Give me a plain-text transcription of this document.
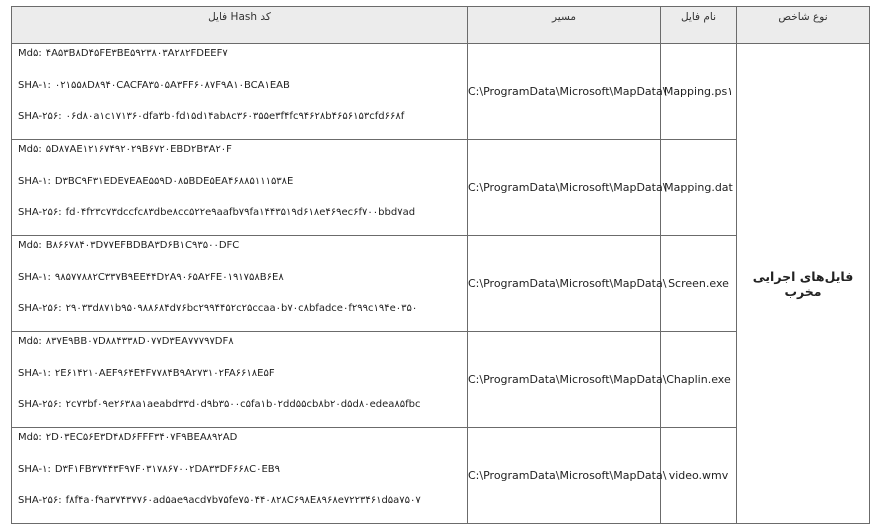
نوع شاخص	نام فایل	مسیر	کد Hash فایل
فایل‌های اجرایی مخرب	Mapping.ps۱	C:\ProgramData\Microsoft\MapData\	Md۵: ۴A۵۳B۸D۴۵FE۳BE۵۹۲۳۸۰۳A۲۸۲FDEEF۷
SHA-۱: ۰۲۱۵۵۸D۸۹۴۰CACFA۳۵۰۵A۳FF۶۰۸۷F۹A۱۰BCA۱EAB
SHA-۲۵۶: ۰۶d۸۰a۱c۱۷۱۳۶۰dfa۳b۰fd۱۵d۱۴ab۸c۳۶۰۳۵۵e۳f۴fc۹۴۶۲۸b۴۶۵۶۱۵۳cfd۶۶۸f

	Mapping.dat	C:\ProgramData\Microsoft\MapData\	Md۵: ۵D۸۷AE۱۲۱۶۷۴۹۲۰۲۹B۶۷۲۰EBD۲B۳A۲۰F
SHA-۱: D۳BC۹F۳۱EDE۷EAE۵۵۹D۰۸۵BDE۵EA۴۶۸۸۵۱۱۱۵۳۸E
SHA-۲۵۶: fd۰۴f۲۳c۷۳dccfc۸۳dbe۸cc۵۲۲e۹aafb۷۹fa۱۴۴۳۵۱۹d۶۱۸e۴۶۹ec۶f۷۰۰bbd۷ad

	Screen.exe	C:\ProgramData\Microsoft\MapData\	Md۵: B۸۶۶۷۸۴۰۳D۷۷EFBDBA۳D۶B۱C۹۳۵۰۰DFC
SHA-۱: ۹۸۵۷۷۸۸۲C۳۳۷B۹EE۴۴D۲A۹۰۶۵A۲FE۰۱۹۱۷۵۸B۶E۸
SHA-۲۵۶: ۲۹۰۳۳d۸۷۱b۹۵۰۹۸۸۶۸۴d۷۶bc۲۹۹۴۴۵۲c۲۵ccaa۰b۷۰c۸bfadce۰f۲۹۹c۱۹۴e۰۳۵۰

	Chaplin.exe	C:\ProgramData\Microsoft\MapData\	Md۵: ۸۳۷E۹BB۰۷D۸۸۴۳۳۸D۰۷۷D۳EA۷۷۷۹۷DF۸
SHA-۱: ۲E۶۱۴۲۱۰AEF۹۶۴E۴F۷۷۸۴B۹A۲۷۳۱۰۲FA۶۶۱۸E۵F
SHA-۲۵۶: ۲c۷۳bf۰۹e۲۶۳۸a۱aeabd۳۳d۰d۹b۳۵۰۰c۵fa۱b۰۲dd۵۵cb۸b۲۰d۵d۸۰edea۸۵fbc

	video.wmv	C:\ProgramData\Microsoft\MapData\	Md۵: ۲D۰۳EC۵۶E۳D۴۸D۶FFF۳۴۰۷F۹BEA۸۹۲AD
SHA-۱: D۳F۱FB۳۷۴۴۳F۹۷F۰۳۱۷۸۶۷۰۰۲DA۳۳DF۶۶۸C۰EB۹
SHA-۲۵۶: f۸f۴a۰f۹a۳۷۴۳۷۷۶۰ad۵ae۹acd۷b۷۵fe۷۵۰۴۴۰۸۲۸C۶۹۸E۸۹۶۸e۷۲۲۳۴۶۱d۵a۷۵۰۷
